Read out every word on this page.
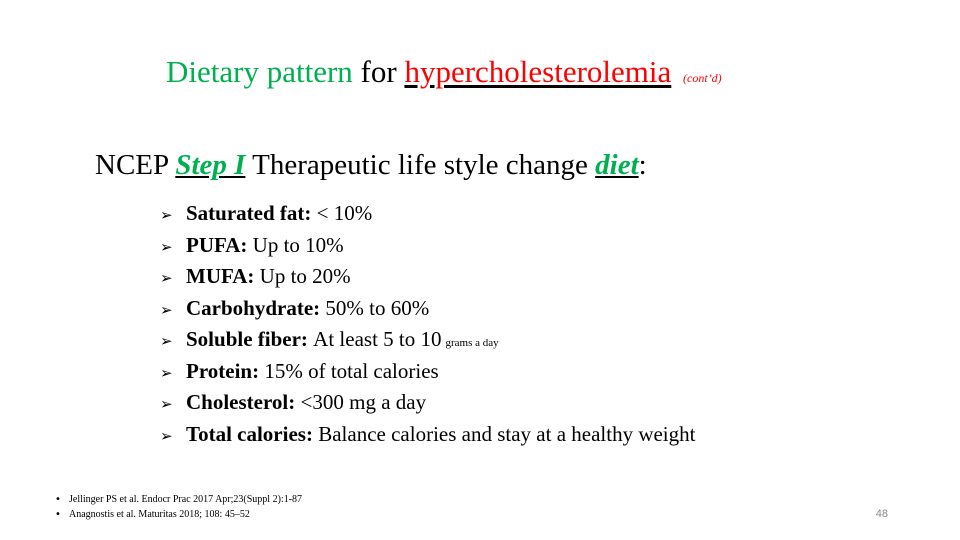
Dietary pattern for hypercholesterolemia (cont’d)
NCEP Step I Therapeutic life style change diet:
➢ Saturated fat:
< 10%
➢ PUFA:
Up to 10%
➢ MUFA:
Up to 20%
➢ Carbohydrate:
50% to 60%
➢ Soluble fiber:
At least 5 to 10 grams a day
➢ Protein:
15% of total calories
➢ Cholesterol:
<300 mg a day
➢ Total calories:
Balance calories and stay at a healthy weight
• Jellinger PS et al. Endocr Prac 2017 Apr;23(Suppl 2):1-87
• Anagnostis et al. Maturitas 2018; 108: 45–52	48
